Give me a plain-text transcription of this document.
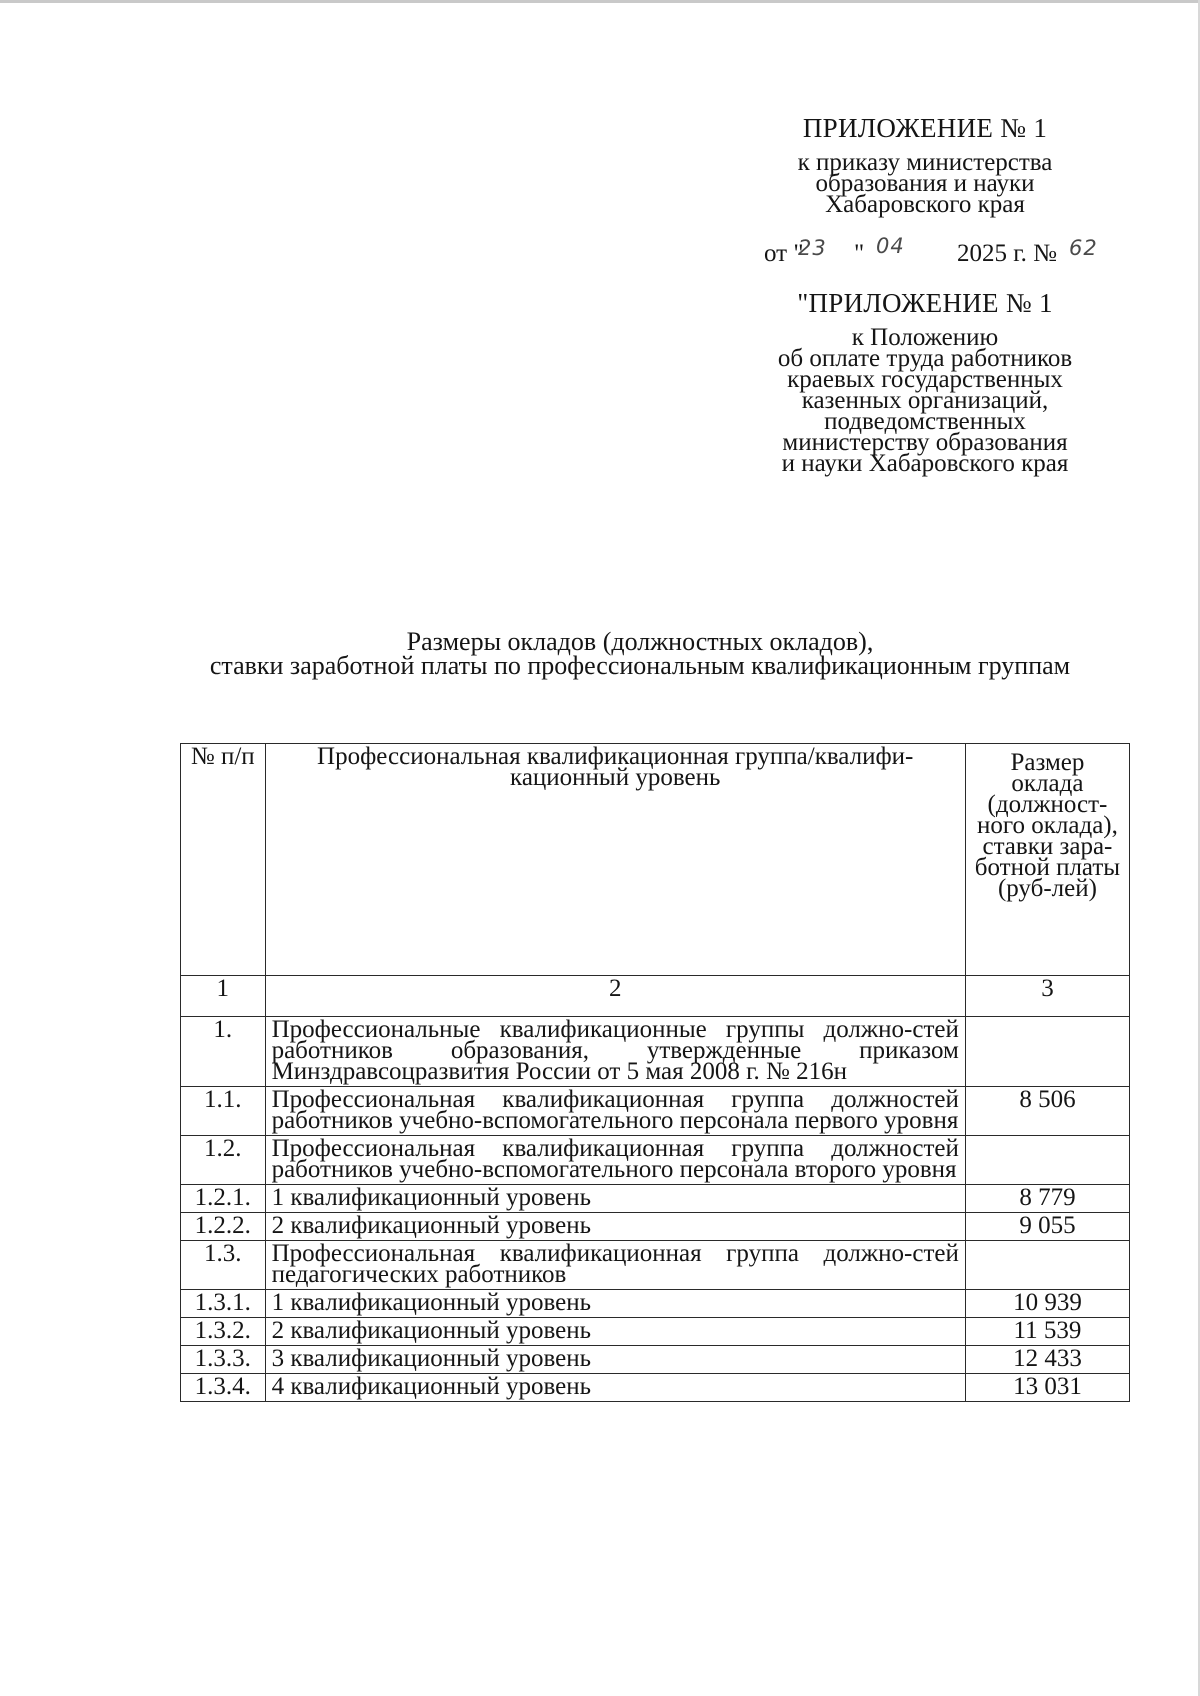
ПРИЛОЖЕНИЕ № 1
к приказу министерства
образования и науки
Хабаровского края
от "
23 " 04 2025 г. № 62
"ПРИЛОЖЕНИЕ № 1
к Положению
об оплате труда работников
краевых государственных
казенных организаций,
подведомственных
министерству образования
и науки Хабаровского края
Размеры окладов (должностных окладов),
ставки заработной платы по профессиональным квалификационным группам
№ п/п	Профессиональная квалификационная группа/квалифи-кационный уровень	Размер оклада (должност-ного оклада), ставки зара-ботной платы (руб-лей)
1	2	3
1.	Профессиональные квалификационные группы должно-стей работников образования, утвержденные приказом Минздравсоцразвития России от 5 мая 2008 г. № 216н	
1.1.	Профессиональная квалификационная группа должностей работников учебно-вспомогательного персонала первого уровня	8 506
1.2.	Профессиональная квалификационная группа должностей работников учебно-вспомогательного персонала второго уровня	
1.2.1.	1 квалификационный уровень	8 779
1.2.2.	2 квалификационный уровень	9 055
1.3.	Профессиональная квалификационная группа должно-стей педагогических работников	
1.3.1.	1 квалификационный уровень	10 939
1.3.2.	2 квалификационный уровень	11 539
1.3.3.	3 квалификационный уровень	12 433
1.3.4.	4 квалификационный уровень	13 031
